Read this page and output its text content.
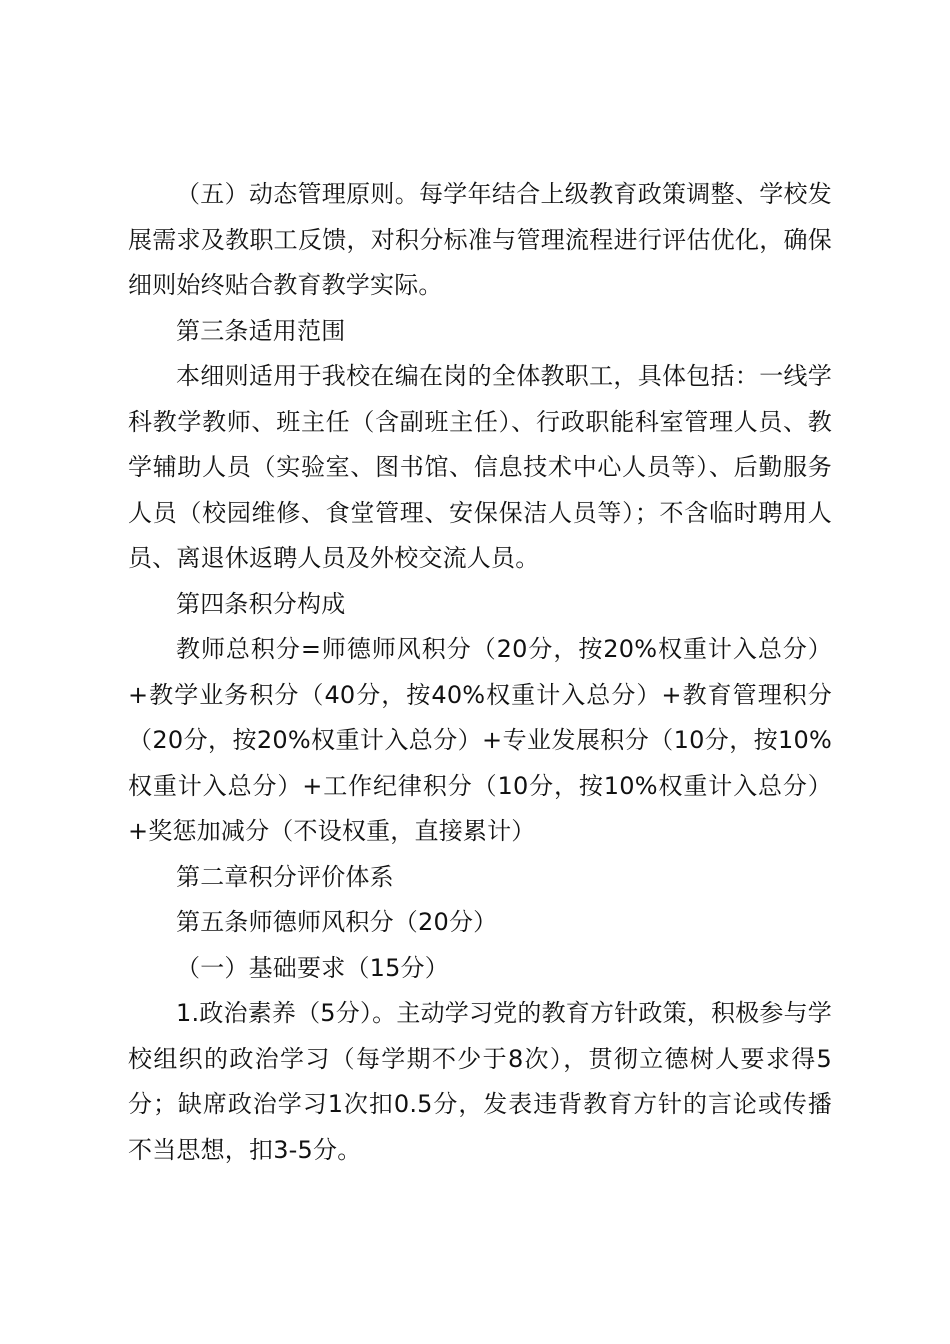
（五）动态管理原则。每学年结合上级教育政策调整、学校发展需求及教职工反馈，对积分标准与管理流程进行评估优化，确保细则始终贴合教育教学实际。

第三条适用范围

本细则适用于我校在编在岗的全体教职工，具体包括：一线学科教学教师、班主任（含副班主任）、行政职能科室管理人员、教学辅助人员（实验室、图书馆、信息技术中心人员等）、后勤服务人员（校园维修、食堂管理、安保保洁人员等）；不含临时聘用人员、离退休返聘人员及外校交流人员。

第四条积分构成

教师总积分=师德师风积分（20分，按20%权重计入总分）+教学业务积分（40分，按40%权重计入总分）+教育管理积分（20分，按20%权重计入总分）+专业发展积分（10分，按10%权重计入总分）+工作纪律积分（10分，按10%权重计入总分）+奖惩加减分（不设权重，直接累计）

第二章积分评价体系

第五条师德师风积分（20分）

（一）基础要求（15分）

1.政治素养（5分）。主动学习党的教育方针政策，积极参与学校组织的政治学习（每学期不少于8次），贯彻立德树人要求得5分；缺席政治学习1次扣0.5分，发表违背教育方针的言论或传播不当思想，扣3-5分。
